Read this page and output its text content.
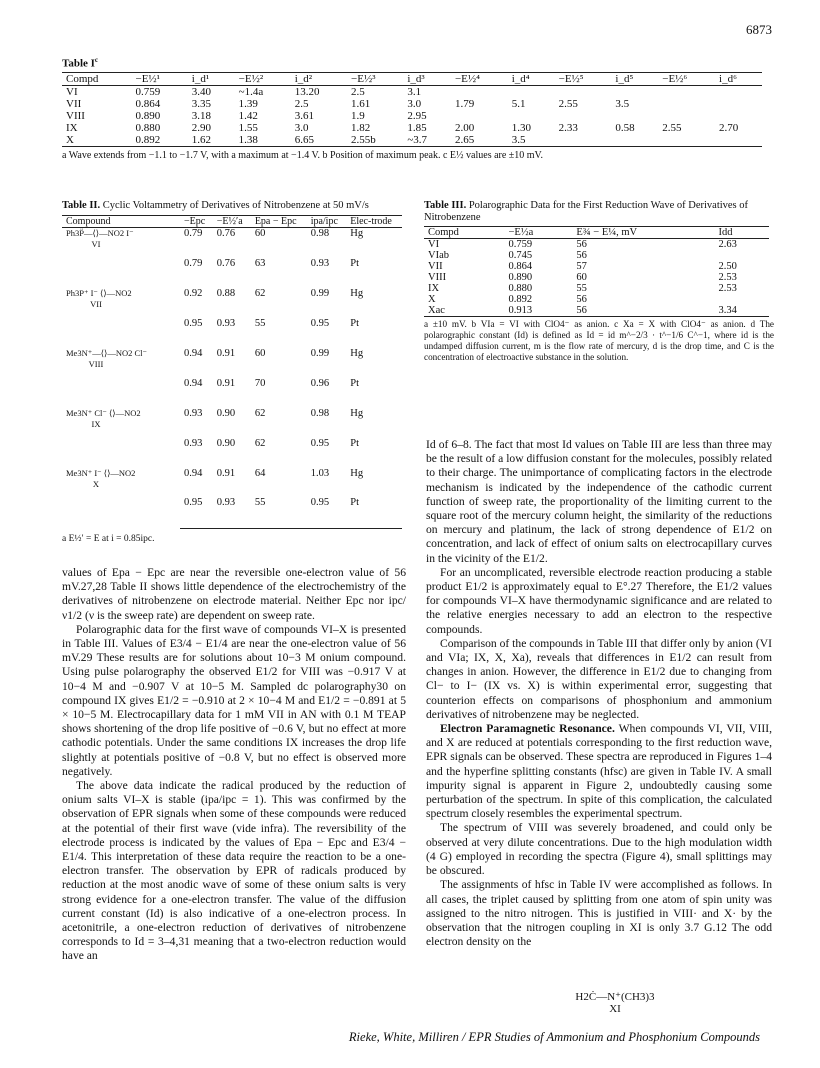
6873
Table $I^c$
Compd	−E½¹	i_d¹	−E½²	i_d²	−E½³	i_d³	−E½⁴	i_d⁴	−E½⁵	i_d⁵	−E½⁶	i_d⁶
VI	0.759	3.40	~1.4a	13.20	2.5	3.1						
VII	0.864	3.35	1.39	2.5	1.61	3.0	1.79	5.1	2.55	3.5		
VIII	0.890	3.18	1.42	3.61	1.9	2.95						
IX	0.880	2.90	1.55	3.0	1.82	1.85	2.00	1.30	2.33	0.58	2.55	2.70
X	0.892	1.62	1.38	6.65	2.55b	~3.7	2.65	3.5				
a Wave extends from −1.1 to −1.7 V, with a maximum at −1.4 V. b Position of maximum peak. c E½ values are ±10 mV.
Table II. Cyclic Voltammetry of Derivatives of Nitrobenzene at 50 mV/s
Compound	−Epc	−E½′a	Epa − Epc	ipa/ipc	Elec-trode

Ph3P̈—⟨⟩—NO2 I⁻
VI	0.79	0.76	60	0.98	Hg
	0.79	0.76	63	0.93	Pt

Ph3P⁺ I⁻ ⟨⟩—NO2
VII	0.92	0.88	62	0.99	Hg
	0.95	0.93	55	0.95	Pt

Me3N⁺—⟨⟩—NO2 Cl⁻
VIII	0.94	0.91	60	0.99	Hg
	0.94	0.91	70	0.96	Pt

Me3N⁺ Cl⁻ ⟨⟩—NO2
IX	0.93	0.90	62	0.98	Hg
	0.93	0.90	62	0.95	Pt

Me3N⁺ I⁻ ⟨⟩—NO2
X	0.94	0.91	64	1.03	Hg
	0.95	0.93	55	0.95	Pt
a E½′ = E at i = 0.85ipc.
Table III. Polarographic Data for the First Reduction Wave of Derivatives of Nitrobenzene
Compd	−E½a	E¾ − E¼, mV	Idd
VI	0.759	56	2.63
VIab	0.745	56	
VII	0.864	57	2.50
VIII	0.890	60	2.53
IX	0.880	55	2.53
X	0.892	56	
Xac	0.913	56	3.34
a ±10 mV. b VIa = VI with ClO4⁻ as anion. c Xa = X with ClO4⁻ as anion. d The polarographic constant (Id) is defined as Id = id m^−2/3 · t^−1/6 C^−1, where id is the undamped diffusion current, m is the flow rate of mercury, d is the drop time, and C is the concentration of electroactive substance in the solution.

values of Epa − Epc are near the reversible one-electron value of 56 mV.27,28 Table II shows little dependence of the electrochemistry of the derivatives of nitrobenzene on electrode material. Neither Epc nor ipc/ν1/2 (ν is the sweep rate) are dependent on sweep rate.

Polarographic data for the first wave of compounds VI–X is presented in Table III. Values of E3/4 − E1/4 are near the one-electron value of 56 mV.29 These results are for solutions about 10−3 M onium compound. Using pulse polarography the observed E1/2 for VIII was −0.917 V at 10−4 M and −0.907 V at 10−5 M. Sampled dc polarography30 on compound IX gives E1/2 = −0.910 at 2 × 10−4 M and E1/2 = −0.891 at 5 × 10−5 M. Electrocapillary data for 1 mM VII in AN with 0.1 M TEAP shows shortening of the drop life positive of −0.6 V, but no effect at more cathodic potentials. Under the same conditions IX increases the drop life slightly at potentials positive of −0.8 V, but no effect is observed more negatively.

The above data indicate the radical produced by the reduction of onium salts VI–X is stable (ipa/ipc = 1). This was confirmed by the observation of EPR signals when some of these compounds were reduced at the potential of their first wave (vide infra). The reversibility of the electrode process is indicated by the values of Epa − Epc and E3/4 − E1/4. This interpretation of these data require the reaction to be a one-electron transfer. The observation by EPR of radicals produced by reduction at the most anodic wave of some of these onium salts is very strong evidence for a one-electron transfer. The value of the diffusion current constant (Id) is also indicative of a one-electron process. In acetonitrile, a one-electron reduction of derivatives of nitrobenzene corresponds to Id = 3–4,31 meaning that a two-electron reduction would have an

Id of 6–8. The fact that most Id values on Table III are less than three may be the result of a low diffusion constant for the molecules, possibly related to their charge. The unimportance of complicating factors in the electrode mechanism is indicated by the independence of the cathodic current function of sweep rate, the proportionality of the limiting current to the square root of the mercury column height, the similarity of the reductions on mercury and platinum, the lack of strong dependence of E1/2 on concentration, and lack of effect of onium salts on electrocapillary curves in the vicinity of the E1/2.

For an uncomplicated, reversible electrode reaction producing a stable product E1/2 is approximately equal to E°.27 Therefore, the E1/2 values for compounds VI–X have thermodynamic significance and are related to the relative energies necessary to add an electron to the respective compounds.

Comparison of the compounds in Table III that differ only by anion (VI and VIa; IX, X, Xa), reveals that differences in E1/2 can result from changes in anion. However, the difference in E1/2 due to changing from Cl− to I− (IX vs. X) is within experimental error, suggesting that counterion effects on comparisons of phosphonium and ammonium derivatives of nitrobenzene may be neglected.

Electron Paramagnetic Resonance. When compounds VI, VII, VIII, and X are reduced at potentials corresponding to the first reduction wave, EPR signals can be observed. These spectra are reproduced in Figures 1–4 and the hyperfine splitting constants (hfsc) are given in Table IV. A small impurity signal is apparent in Figure 2, undoubtedly causing some perturbation of the spectrum. In spite of this complication, the calculated spectrum closely resembles the experimental spectrum.

The spectrum of VIII was severely broadened, and could only be observed at very dilute concentrations. Due to the high modulation width (4 G) employed in recording the spectra (Figure 4), small splittings may be obscured.

The assignments of hfsc in Table IV were accomplished as follows. In all cases, the triplet caused by splitting from one atom of spin unity was assigned to the nitro nitrogen. This is justified in VIII· and X· by the observation that the nitrogen coupling in XI is only 3.7 G.12 The odd electron density on the

H2Ċ—N⁺(CH3)3
XI
Rieke, White, Milliren / EPR Studies of Ammonium and Phosphonium Compounds
